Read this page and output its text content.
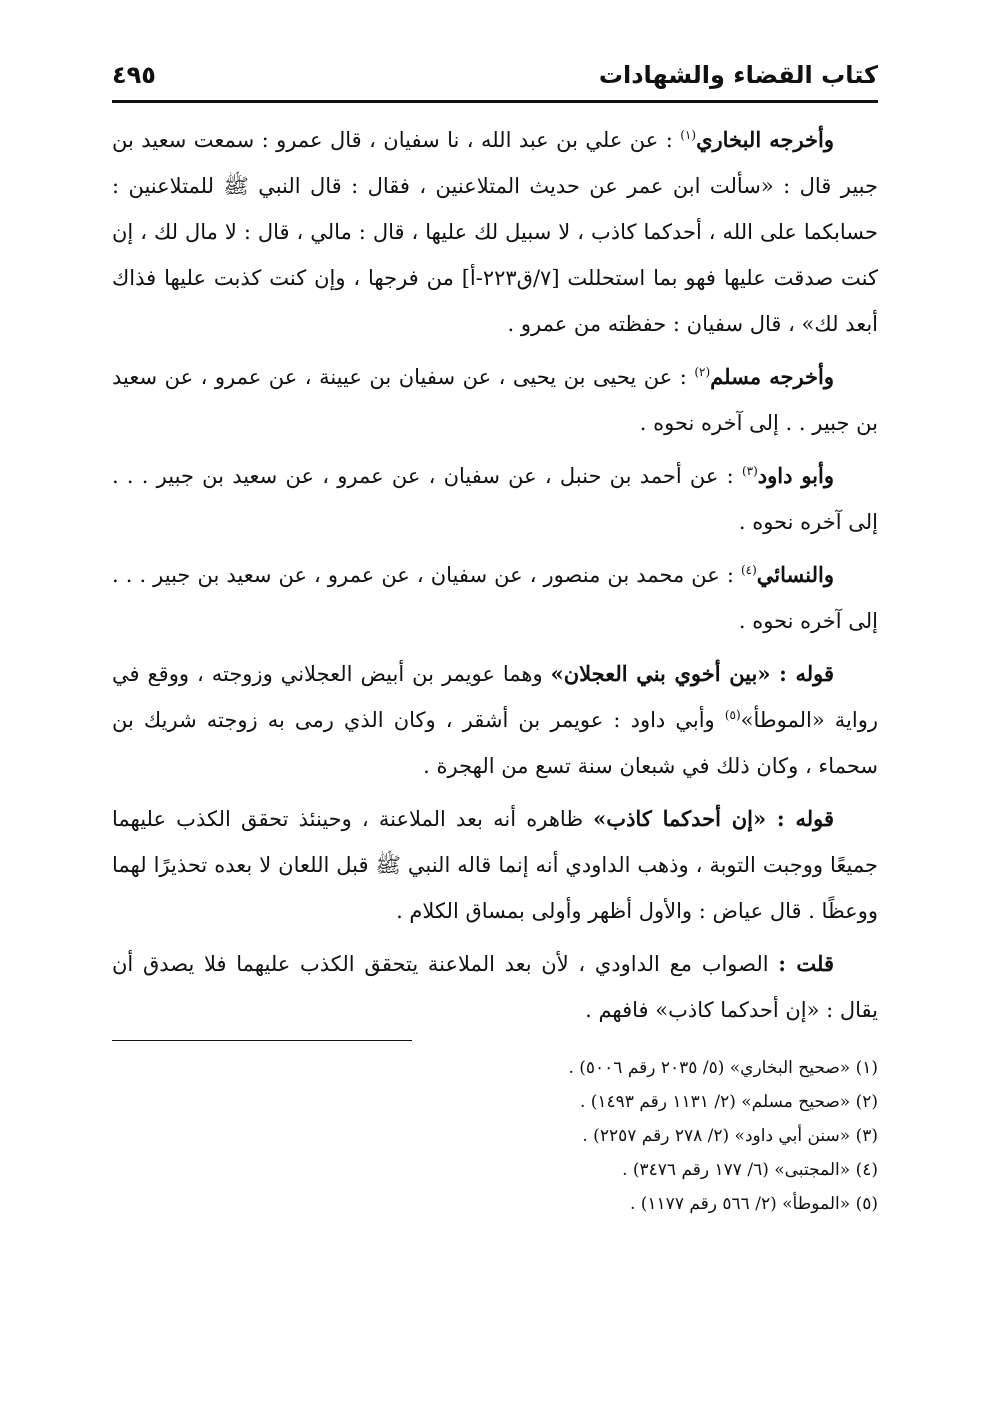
كتاب القضاء والشهادات
٤٩٥

وأخرجه البخاري$^{(١)}$ : عن علي بن عبد الله ، نا سفيان ، قال عمرو : سمعت سعيد بن جبير قال : «سألت ابن عمر عن حديث المتلاعنين ، فقال : قال النبي ﷺ للمتلاعنين : حسابكما على الله ، أحدكما كاذب ، لا سبيل لك عليها ، قال : مالي ، قال : لا مال لك ، إن كنت صدقت عليها فهو بما استحللت [٧/ق٢٢٣-أ] من فرجها ، وإن كنت كذبت عليها فذاك أبعد لك» ، قال سفيان : حفظته من عمرو .

وأخرجه مسلم$^{(٢)}$ : عن يحيى بن يحيى ، عن سفيان بن عيينة ، عن عمرو ، عن سعيد بن جبير . . إلى آخره نحوه .

وأبو داود$^{(٣)}$ : عن أحمد بن حنبل ، عن سفيان ، عن عمرو ، عن سعيد بن جبير . . . إلى آخره نحوه .

والنسائي$^{(٤)}$ : عن محمد بن منصور ، عن سفيان ، عن عمرو ، عن سعيد بن جبير . . . إلى آخره نحوه .

قوله : «بين أخوي بني العجلان» وهما عويمر بن أبيض العجلاني وزوجته ، ووقع في رواية «الموطأ»$^{(٥)}$ وأبي داود : عويمر بن أشقر ، وكان الذي رمى به زوجته شريك بن سحماء ، وكان ذلك في شبعان سنة تسع من الهجرة .

قوله : «إن أحدكما كاذب» ظاهره أنه بعد الملاعنة ، وحينئذ تحقق الكذب عليهما جميعًا ووجبت التوبة ، وذهب الداودي أنه إنما قاله النبي ﷺ قبل اللعان لا بعده تحذيرًا لهما ووعظًا . قال عياض : والأول أظهر وأولى بمساق الكلام .

قلت : الصواب مع الداودي ، لأن بعد الملاعنة يتحقق الكذب عليهما فلا يصدق أن يقال : «إن أحدكما كاذب» فافهم .

(١) «صحيح البخاري» (٥/ ٢٠٣٥ رقم ٥٠٠٦) .
(٢) «صحيح مسلم» (٢/ ١١٣١ رقم ١٤٩٣) .
(٣) «سنن أبي داود» (٢/ ٢٧٨ رقم ٢٢٥٧) .
(٤) «المجتبى» (٦/ ١٧٧ رقم ٣٤٧٦) .
(٥) «الموطأ» (٢/ ٥٦٦ رقم ١١٧٧) .
